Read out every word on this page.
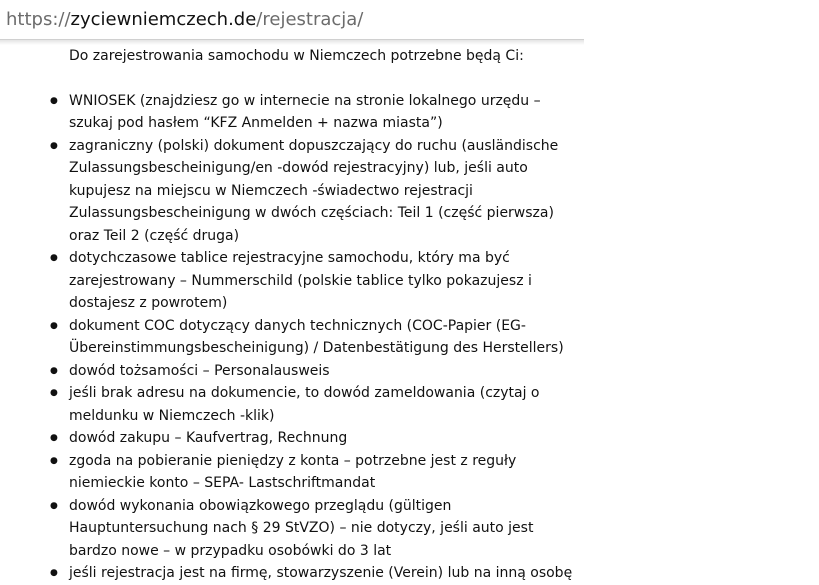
https:// zyciewniemczech.de /rejestracja/

Do zarejestrowania samochodu w Niemczech potrzebne będą Ci:

● WNIOSEK (znajdziesz go w internecie na stronie lokalnego urzędu –
szukaj pod hasłem “KFZ Anmelden + nazwa miasta”)
● zagraniczny (polski) dokument dopuszczający do ruchu (ausländische
Zulassungsbescheinigung/en -dowód rejestracyjny) lub, jeśli auto
kupujesz na miejscu w Niemczech -świadectwo rejestracji
Zulassungsbescheinigung w dwóch częściach: Teil 1 (część pierwsza)
oraz Teil 2 (część druga)
● dotychczasowe tablice rejestracyjne samochodu, który ma być
zarejestrowany – Nummerschild (polskie tablice tylko pokazujesz i
dostajesz z powrotem)
● dokument COC dotyczący danych technicznych (COC-Papier (EG-
Übereinstimmungsbescheinigung) / Datenbestätigung des Herstellers)
● dowód tożsamości – Personalausweis
● jeśli brak adresu na dokumencie, to dowód zameldowania (czytaj o
meldunku w Niemczech -klik)
● dowód zakupu – Kaufvertrag, Rechnung
● zgoda na pobieranie pieniędzy z konta – potrzebne jest z reguły
niemieckie konto – SEPA- Lastschriftmandat
● dowód wykonania obowiązkowego przeglądu (gültigen
Hauptuntersuchung nach § 29 StVZO) – nie dotyczy, jeśli auto jest
bardzo nowe – w przypadku osobówki do 3 lat
● jeśli rejestracja jest na firmę, stowarzyszenie (Verein) lub na inną osobę
